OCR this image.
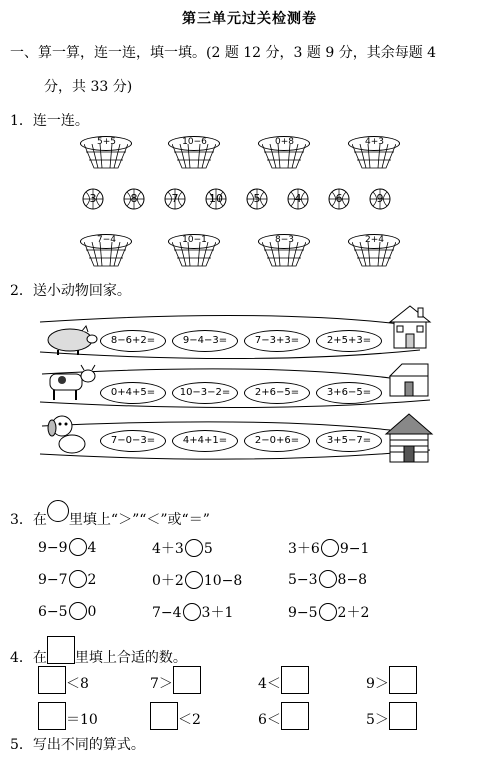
第三单元过关检测卷
一、算一算，连一连，填一填。(2 题 12 分，3 题 9 分，其余每题 4
分，共 33 分)
1．连一连。
5+5	10−6	0+8	4+3
3	8	7	10	5	4	6	9
7−4	10−1	8−3	2+4
2．送小动物回家。
8−6+2=	9−4−3=	7−3+3=	2+5+3=
0+4+5=	10−3−2=	2+6−5=	3+6−5=
7−0−3=	4+4+1=	2−0+6=	3+5−7=
3．在 里填上“＞”“＜”或“＝”
9−9 4	4＋3 5	3＋6 9−1
9−7 2	0＋2 10−8	5−3 8−8
6−5 0	7−4 3＋1	9−5 2＋2
4．在 里填上合适的数。
＜8	7＞	4＜	9＞
＝10	＜2	6＜	5＞
5．写出不同的算式。
